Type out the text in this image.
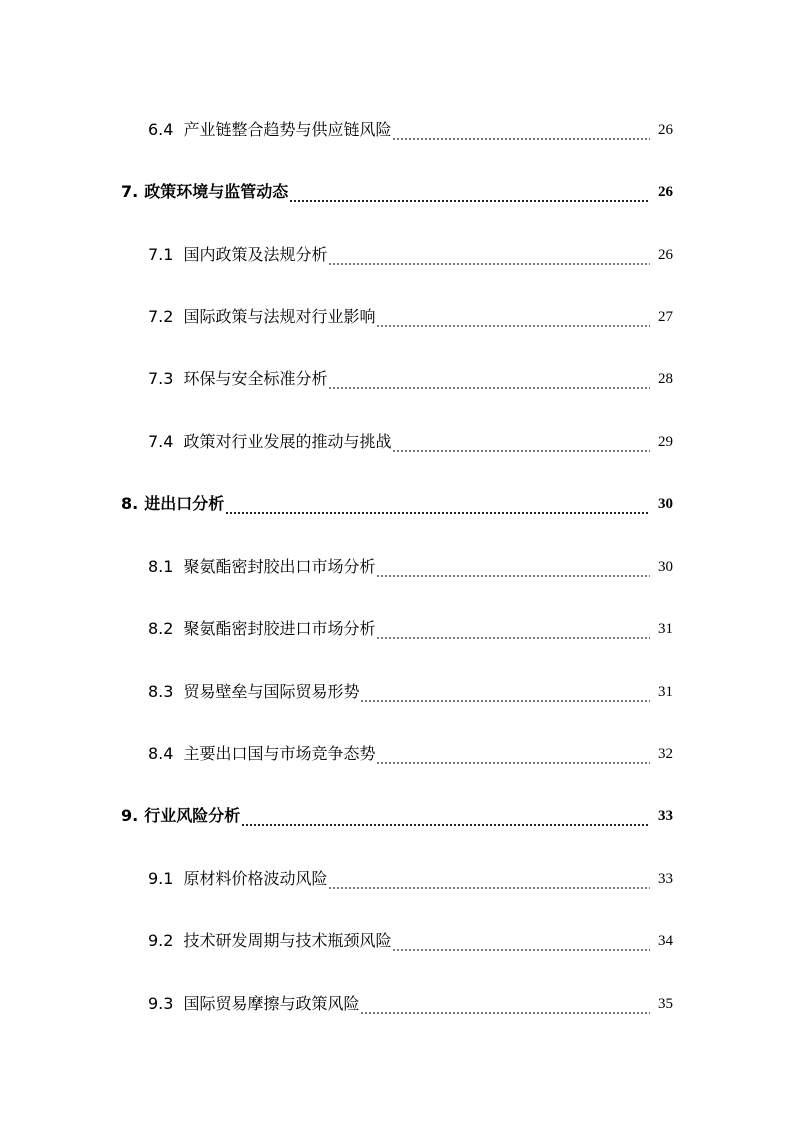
6.4 产业链整合趋势与供应链风险	26
7. 政策环境与监管动态	26
7.1 国内政策及法规分析	26
7.2 国际政策与法规对行业影响	27
7.3 环保与安全标准分析	28
7.4 政策对行业发展的推动与挑战	29
8. 进出口分析	30
8.1 聚氨酯密封胶出口市场分析	30
8.2 聚氨酯密封胶进口市场分析	31
8.3 贸易壁垒与国际贸易形势	31
8.4 主要出口国与市场竞争态势	32
9. 行业风险分析	33
9.1 原材料价格波动风险	33
9.2 技术研发周期与技术瓶颈风险	34
9.3 国际贸易摩擦与政策风险	35
